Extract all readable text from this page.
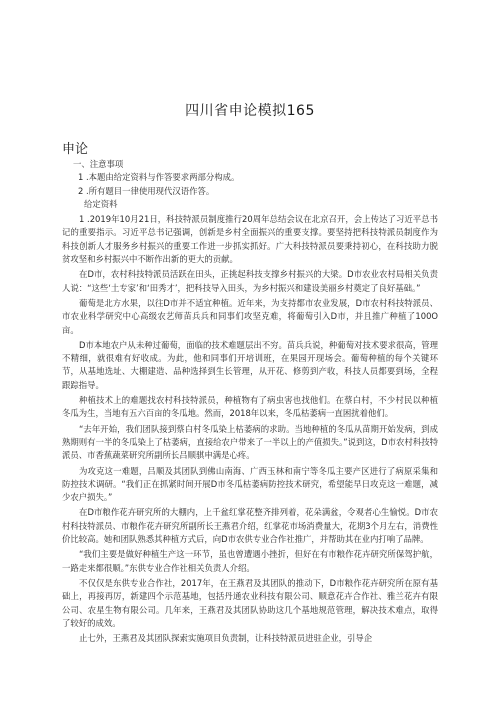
四川省申论模拟165
申论

一、注意事项

1 .本题由给定资料与作答要求两部分构成。

2 .所有题目一律使用现代汉语作答。

给定资料

1 .2019年10月21日，科技特派员制度推行20周年总结会议在北京召开，会上传达了习近平总书记的重要指示。习近平总书记强调，创新是乡村全面振兴的重要支撑。要坚持把科技特派员制度作为科技创新人才服务乡村振兴的重要工作进一步抓实抓好。广大科技特派员要秉持初心，在科技助力脱贫攻坚和乡村振兴中不断作出新的更大的贡献。

在D市，农村科技特派员活跃在田头，正挑起科技支撑乡村振兴的大梁。D市农业农村局相关负责人说：“这些‘土专家’和‘田秀才’，把科技导入田头，为乡村振兴和建设美丽乡村奠定了良好基础。”

葡萄是北方水果，以往D市并不适宜种植。近年来，为支持都市农业发展，D市农村科技特派员、市农业科学研究中心高级农艺师苗兵兵和同事们攻坚克难，将葡萄引入D市，并且推广种植了100O亩。

D市本地农户从未种过葡萄，面临的技术难题层出不穷。苗兵兵说，种葡萄对技术要求很高，管理不精细，就很难有好收成。为此，他和同事们开培训班，在果园开现场会。葡萄种植的每个关键环节，从基地选址、大棚建造、品种选择到生长管理，从开花、修剪到产收，科技人员都要到场，全程跟踪指导。

种植技术上的难题找农村科技特派员，种植物有了病虫害也找他们。在蔡白村，不少村民以种植冬瓜为生，当地有五六百亩的冬瓜地。然而，2018年以来，冬瓜枯萎病一直困扰着他们。

“去年开始，我们团队接到蔡白村冬瓜染上枯萎病的求助。当地种植的冬瓜从苗期开始发病，到成熟期则有一半的冬瓜染上了枯萎病，直接给农户带来了一半以上的产值损失。”说到这，D市农村科技特派员、市香蕉蔬菜研究所副所长吕顺骐申满是心疼。

为攻克这一难题，吕顺及其团队到佛山南海、广西玉林和南宁等冬瓜主要产区进行了病原采集和防控技术调研。“我们正在抓紧时间开展D市冬瓜枯萎病防控技术研究，希望能早日攻克这一难题，减少农户损失。”

在D市粮作花卉研究所的大棚内，上千盆红掌花整齐排列着，花朵满盆，令观者心生愉悦。D市农村科技特派员、市粮作花卉研究所副所长王燕君介绍，红掌花市场消费量大，花期3个月左右，消费性价比较高。她和团队熟悉其种植方式后，向D市农供专业合作社推广，并帮助其在业内打响了品牌。

“我们主要是做好种植生产这一环节，虽也曾遭遇小挫折，但好在有市粮作花卉研究所保驾护航，一路走来都很顺。”东供专业合作社相关负责人介绍。

不仅仅是东供专业合作社，2017年，在王燕君及其团队的推动下，D市粮作花卉研究所在原有基础上，再接再厉，新建四个示范基地，包括丹通农业科技有限公司、顺意花卉合作社、雅兰花卉有限公司、农星生物有限公司。几年来，王燕君及其团队协助这几个基地规范管理，解决技术难点，取得了较好的成效。

止七外，王燕君及其团队探索实施项目负责制，让科技特派员进驻企业，引导企
